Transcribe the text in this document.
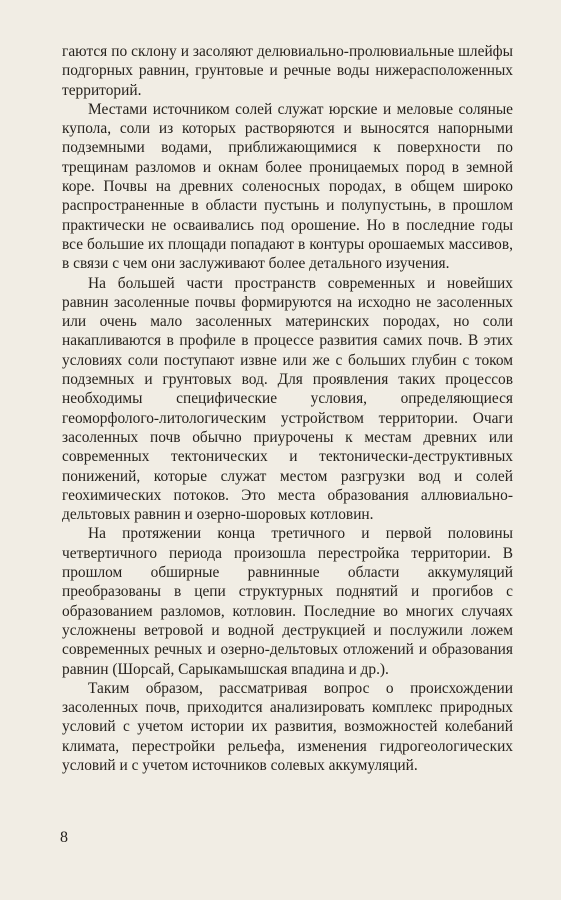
гаются по склону и засоляют делювиально-пролювиальные шлейфы подгорных равнин, грунтовые и речные воды нижерасположенных территорий.

Местами источником солей служат юрские и меловые соляные купола, соли из которых растворяются и выносятся напорными подземными водами, приближающимися к поверхности по трещинам разломов и окнам более проницаемых пород в земной коре. Почвы на древних соленосных породах, в общем широко распространенные в области пустынь и полупустынь, в прошлом практически не осваивались под орошение. Но в последние годы все большие их площади попадают в контуры орошаемых массивов, в связи с чем они заслуживают более детального изучения.

На большей части пространств современных и новейших равнин засоленные почвы формируются на исходно не засоленных или очень мало засоленных материнских породах, но соли накапливаются в профиле в процессе развития самих почв. В этих условиях соли поступают извне или же с больших глубин с током подземных и грунтовых вод. Для проявления таких процессов необходимы специфические условия, определяющиеся геоморфолого-литологическим устройством территории. Очаги засоленных почв обычно приурочены к местам древних или современных тектонических и тектонически-деструктивных понижений, которые служат местом разгрузки вод и солей геохимических потоков. Это места образования аллювиально-дельтовых равнин и озерно-шоровых котловин.

На протяжении конца третичного и первой половины четвертичного периода произошла перестройка территории. В прошлом обширные равнинные области аккумуляций преобразованы в цепи структурных поднятий и прогибов с образованием разломов, котловин. Последние во многих случаях усложнены ветровой и водной деструкцией и послужили ложем современных речных и озерно-дельтовых отложений и образования равнин (Шорсай, Сарыкамышская впадина и др.).

Таким образом, рассматривая вопрос о происхождении засоленных почв, приходится анализировать комплекс природных условий с учетом истории их развития, возможностей колебаний климата, перестройки рельефа, изменения гидрогеологических условий и с учетом источников солевых аккумуляций.

8
